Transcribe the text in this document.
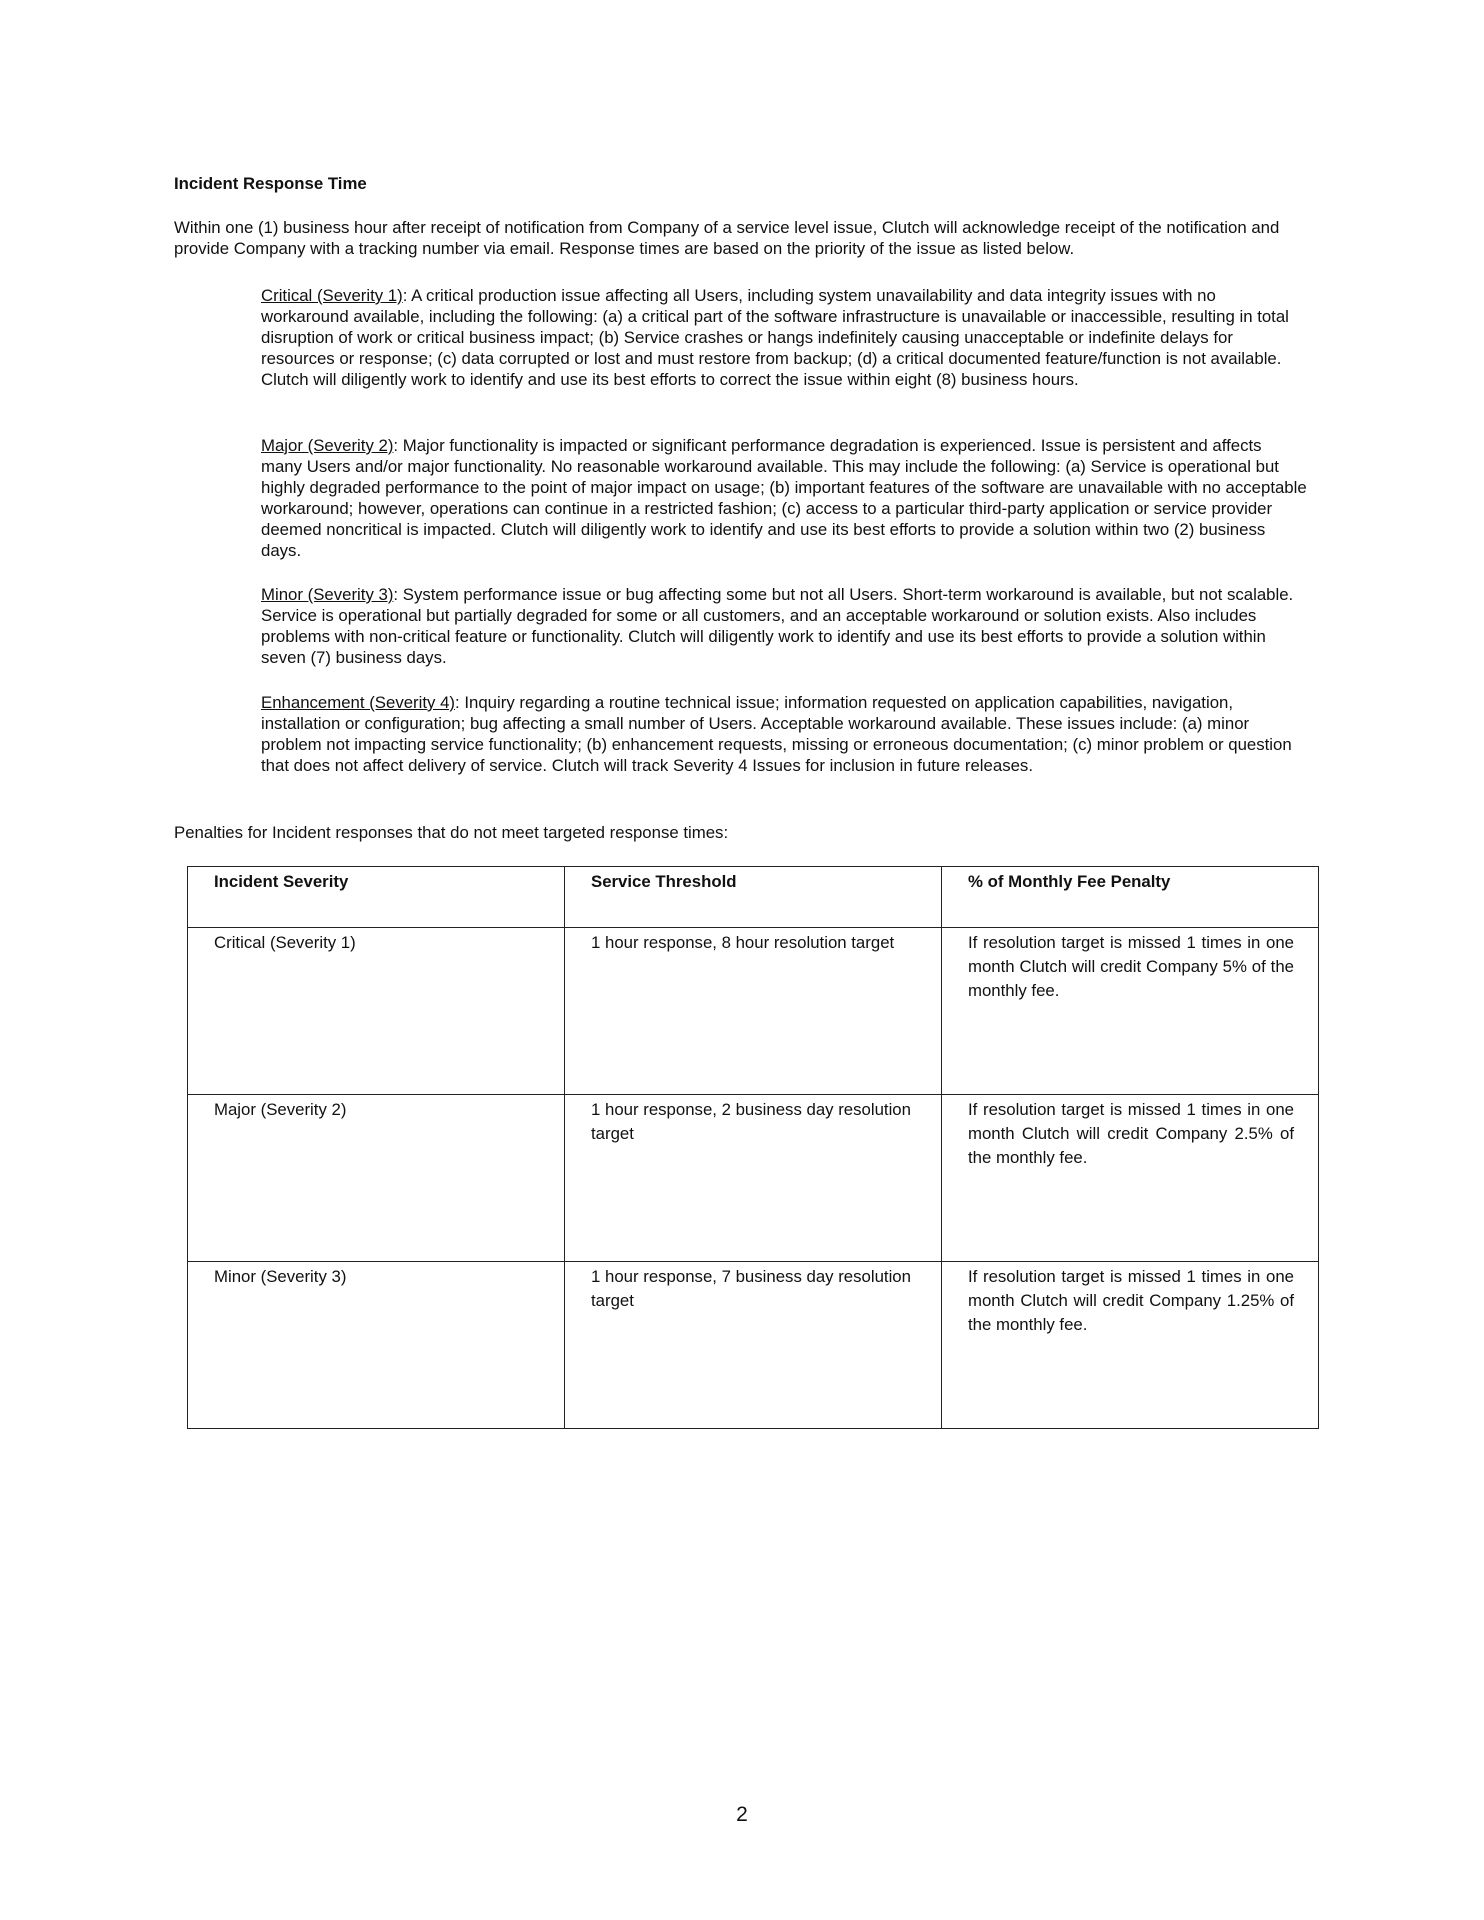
Incident Response Time

Within one (1) business hour after receipt of notification from Company of a service level issue, Clutch will acknowledge receipt of the notification and provide Company with a tracking number via email. Response times are based on the priority of the issue as listed below.

Critical (Severity 1): A critical production issue affecting all Users, including system unavailability and data integrity issues with no workaround available, including the following: (a) a critical part of the software infrastructure is unavailable or inaccessible, resulting in total disruption of work or critical business impact; (b) Service crashes or hangs indefinitely causing unacceptable or indefinite delays for resources or response; (c) data corrupted or lost and must restore from backup; (d) a critical documented feature/function is not available. Clutch will diligently work to identify and use its best efforts to correct the issue within eight (8) business hours.

Major (Severity 2): Major functionality is impacted or significant performance degradation is experienced. Issue is persistent and affects many Users and/or major functionality. No reasonable workaround available. This may include the following: (a) Service is operational but highly degraded performance to the point of major impact on usage; (b) important features of the software are unavailable with no acceptable workaround; however, operations can continue in a restricted fashion; (c) access to a particular third-party application or service provider deemed noncritical is impacted. Clutch will diligently work to identify and use its best efforts to provide a solution within two (2) business days.

Minor (Severity 3): System performance issue or bug affecting some but not all Users. Short-term workaround is available, but not scalable. Service is operational but partially degraded for some or all customers, and an acceptable workaround or solution exists. Also includes problems with non-critical feature or functionality. Clutch will diligently work to identify and use its best efforts to provide a solution within seven (7) business days.

Enhancement (Severity 4): Inquiry regarding a routine technical issue; information requested on application capabilities, navigation, installation or configuration; bug affecting a small number of Users. Acceptable workaround available. These issues include: (a) minor problem not impacting service functionality; (b) enhancement requests, missing or erroneous documentation; (c) minor problem or question that does not affect delivery of service. Clutch will track Severity 4 Issues for inclusion in future releases.

Penalties for Incident responses that do not meet targeted response times:

Incident Severity	Service Threshold	% of Monthly Fee Penalty

Critical (Severity 1)	1 hour response, 8 hour resolution target	If resolution target is missed 1 times in one month Clutch will credit Company 5% of the monthly fee.

Major (Severity 2)	1 hour response, 2 business day resolution target	If resolution target is missed 1 times in one month Clutch will credit Company 2.5% of the monthly fee.

Minor (Severity 3)	1 hour response, 7 business day resolution target	If resolution target is missed 1 times in one month Clutch will credit Company 1.25% of the monthly fee.

2
